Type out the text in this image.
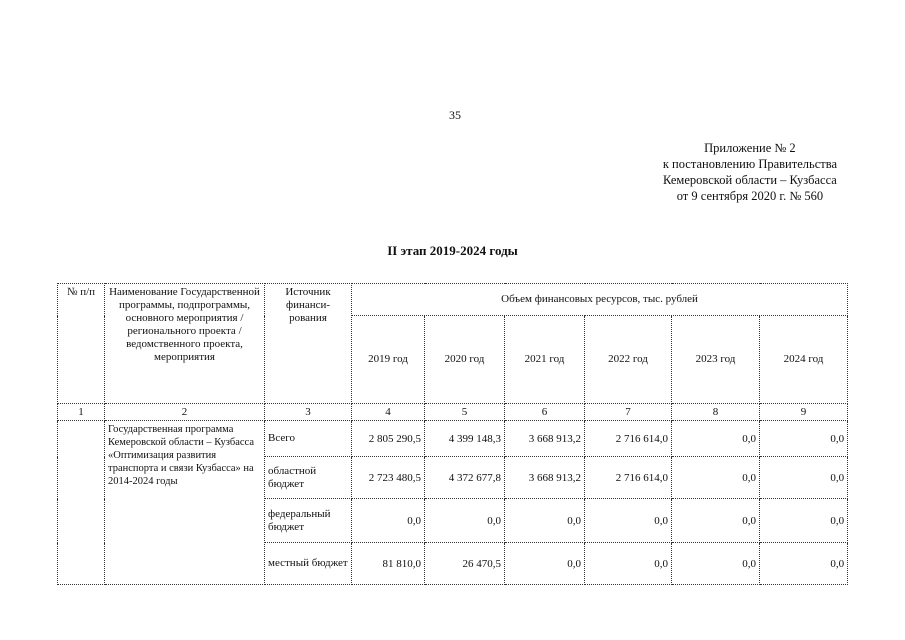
35
Приложение № 2
к постановлению Правительства
Кемеровской области – Кузбасса
от 9 сентября 2020 г. № 560
II этап 2019-2024 годы
№ п/п	Наименование Государственной программы, подпрограммы, основного мероприятия / регионального проекта / ведомственного проекта, мероприятия	Источник финанси-рования	Объем финансовых ресурсов, тыс. рублей					
			2019 год	2020 год	2021 год	2022 год	2023 год	2024 год
1	2	3	4	5	6	7	8	9
	Государственная программа Кемеровской области – Кузбасса «Оптимизация развития транспорта и связи Кузбасса» на 2014-2024 годы	Всего	2 805 290,5	4 399 148,3	3 668 913,2	2 716 614,0	0,0	0,0
		областной бюджет	2 723 480,5	4 372 677,8	3 668 913,2	2 716 614,0	0,0	0,0
		федеральный бюджет	0,0	0,0	0,0	0,0	0,0	0,0
		местный бюджет	81 810,0	26 470,5	0,0	0,0	0,0	0,0
